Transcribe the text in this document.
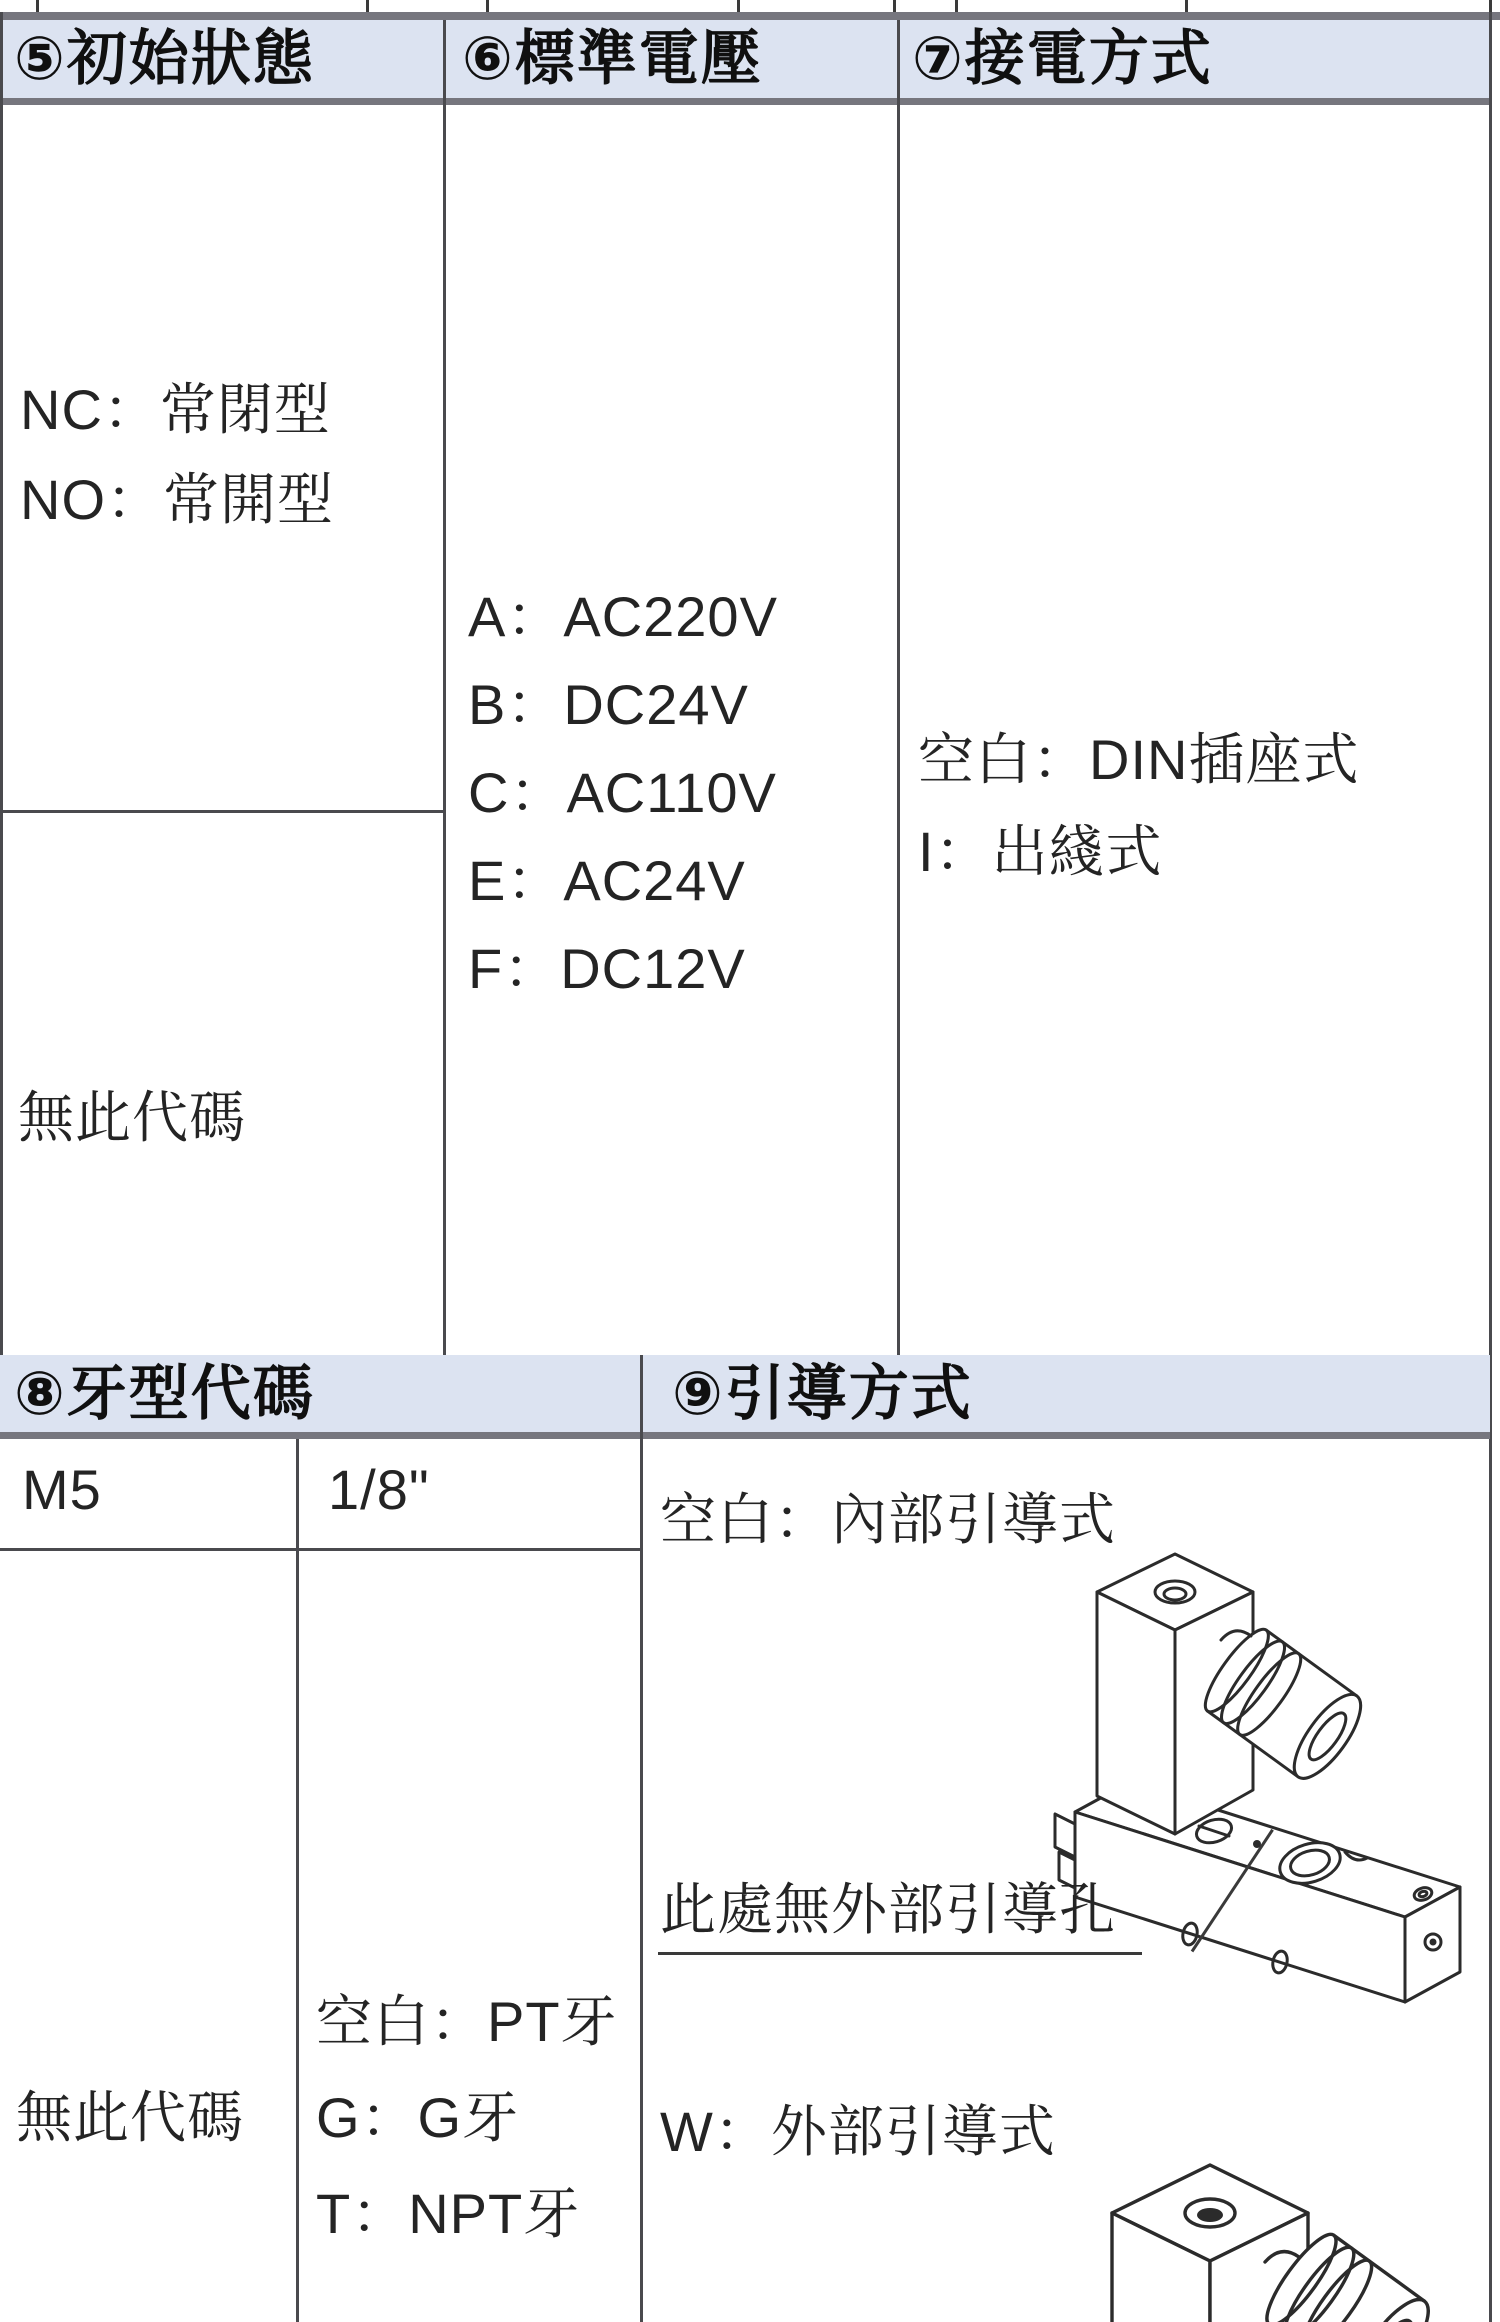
⑤初始狀態 ⑥標準電壓 ⑦接電方式
NC：常閉型
NO：常開型
無此代碼
A：AC220V
B：DC24V
C：AC110V
E：AC24V
F：DC12V
空白：DIN插座式
I：出綫式
⑧牙型代碼	⑨引導方式
M5	1/8"
無此代碼
空白：PT牙
G：G牙
T：NPT牙
空白：內部引導式
此處無外部引導孔
W：外部引導式
